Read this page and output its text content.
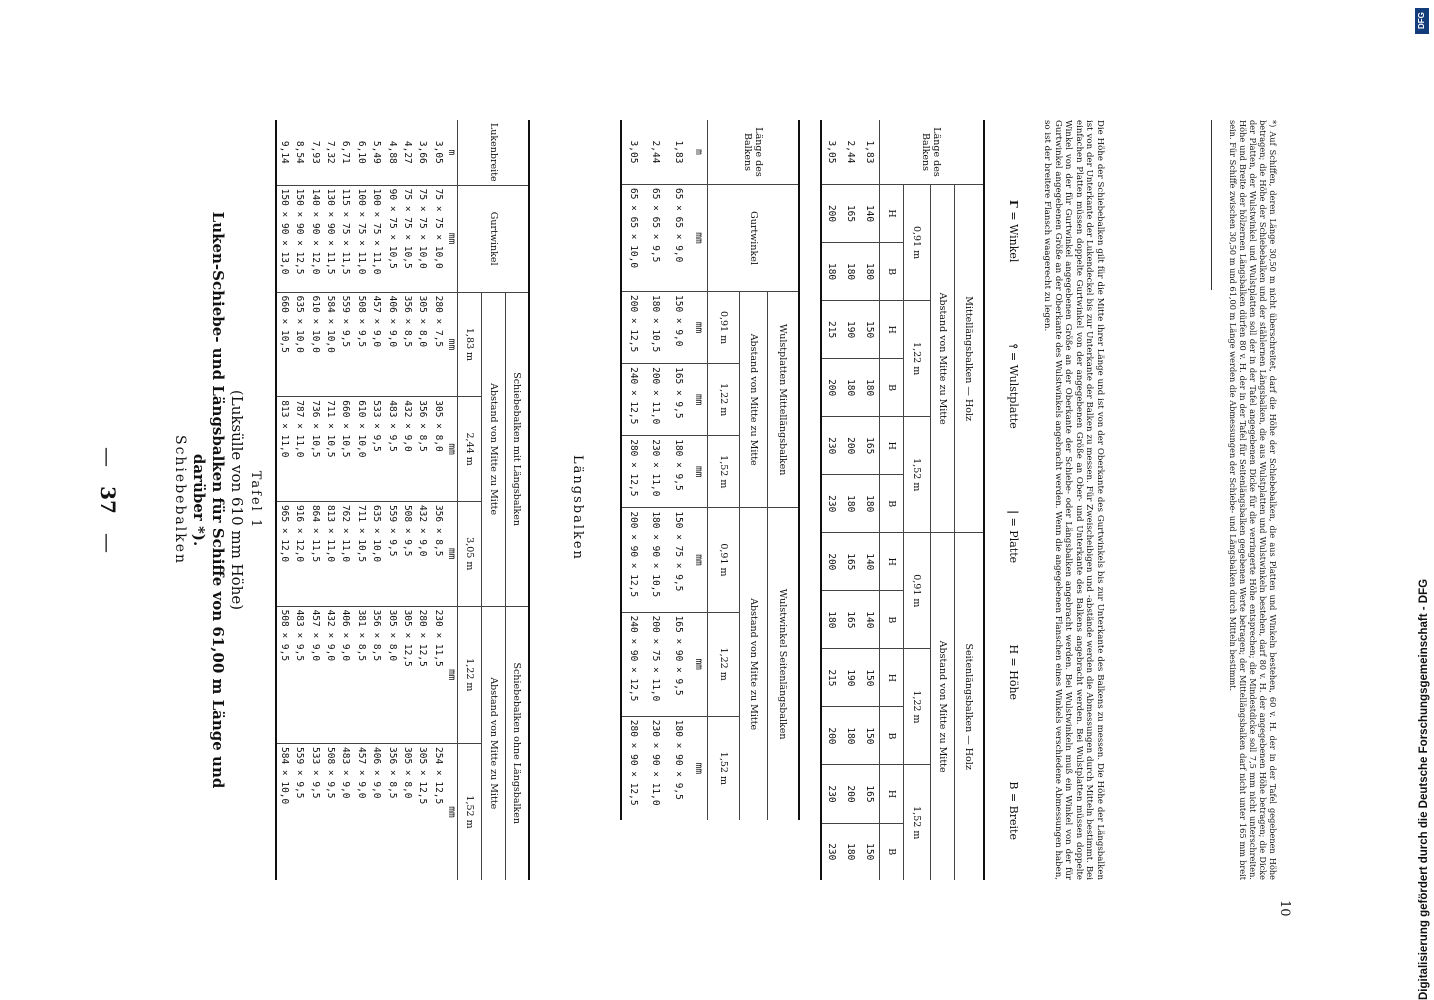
—   37   —
Tafel 1
(Luksülle von 610 mm Höhe)
Luken-Schiebe- und Längsbalken für Schiffe von 61,00 m Länge und darüber *).
Schiebebalken
Lukenbreite	Gurtwinkel	Schiebebalken mit Längsbalken			Schiebebalken ohne Längsbalken	
		Abstand von Mitte zu Mitte			Abstand von Mitte zu Mitte	
		1,83 m	2,44 m	3,05 m	1,22 m	1,52 m
m	mm	mm	mm	mm	mm	mm
3,05	75 × 75 × 10,0	280 × 7,5	305 × 8,0	356 × 8,5	230 × 11,5	254 × 12,5
3,66	75 × 75 × 10,0	305 × 8,0	356 × 8,5	432 × 9,0	280 × 12,5	305 × 12,5
4,27	75 × 75 × 10,5	356 × 8,5	432 × 9,0	508 × 9,5	305 × 12,5	305 × 8,0
4,88	90 × 75 × 10,5	406 × 9,0	483 × 9,5	559 × 9,5	305 × 8,0	356 × 8,5
5,49	100 × 75 × 11,0	457 × 9,0	533 × 9,5	635 × 10,0	356 × 8,5	406 × 9,0
6,10	100 × 75 × 11,0	508 × 9,5	610 × 10,0	711 × 10,5	381 × 8,5	457 × 9,0
6,71	115 × 75 × 11,5	559 × 9,5	660 × 10,5	762 × 11,0	406 × 9,0	483 × 9,0
7,32	130 × 90 × 11,5	584 × 10,0	711 × 10,5	813 × 11,0	432 × 9,0	508 × 9,5
7,93	140 × 90 × 12,0	610 × 10,0	736 × 10,5	864 × 11,5	457 × 9,0	533 × 9,5
8,54	150 × 90 × 12,5	635 × 10,0	787 × 11,0	916 × 12,0	483 × 9,5	559 × 9,5
9,14	150 × 90 × 13,0	660 × 10,5	813 × 11,0	965 × 12,0	508 × 9,5	584 × 10,0
Längsbalken
Länge des Balkens	Gurtwinkel	Wulstplatten Mittellängsbalken			Wulstwinkel Seitenlängsbalken		
		Abstand von Mitte zu Mitte			Abstand von Mitte zu Mitte		
		0,91 m	1,22 m	1,52 m	0,91 m	1,22 m	1,52 m
m	mm	mm	mm	mm	mm	mm	mm
1,83	65 × 65 × 9,0	150 × 9,0	165 × 9,5	180 × 9,5	150 × 75 × 9,5	165 × 90 × 9,5	180 × 90 × 9,5
2,44	65 × 65 × 9,5	180 × 10,5	200 × 11,0	230 × 11,0	180 × 90 × 10,5	200 × 75 × 11,0	230 × 90 × 11,0
3,05	65 × 65 × 10,0	200 × 12,5	240 × 12,5	280 × 12,5	200 × 90 × 12,5	240 × 90 × 12,5	280 × 90 × 12,5
Länge des Balkens	Mittellängsbalken — Holz						Seitenlängsbalken — Holz					
	Abstand von Mitte zu Mitte						Abstand von Mitte zu Mitte					
	0,91 m		1,22 m		1,52 m		0,91 m		1,22 m		1,52 m	
	H	B	H	B	H	B	H	B	H	B	H	B
1,83	140	180	150	180	165	180	140	140	150	150	165	150
2,44	165	180	190	180	200	180	165	165	190	180	200	180
3,05	200	180	215	200	230	230	200	180	215	200	230	230
Γ = Winkel
⫯ = Wulstplatte
| = Platte
H = Höhe
B = Breite	Die Höhe der Schiebebalken gilt für die Mitte ihrer Länge und ist von der Oberkante des Gurtwinkels bis zur Unterkante des Balkens zu messen. Die Höhe der Längsbalken ist von der Unterkante der Lukendeckel bis zur Unterkante der Balken zu messen. Für Zweischeibigen und -abstände werden die Abmessungen durch Mitteln bestimmt. Bei einfachen Platten müssen doppelte Gurtwinkel von der angegebenen Größe an Ober- und Unterkante des Balkens angebracht werden. Bei Wulstplatten müssen doppelte Winkel von der für Gurtwinkel angegebenen Größe an der Oberkante der Schiebe- oder Längsbalken angebracht werden. Bei Wulstwinkeln muß ein Winkel von der für Gurtwinkel angegebenen Größe an der Oberkante des Wulstwinkels angebracht werden. Wenn die angegebenen Flanschen eines Winkels verschiedene Abmessungen haben, so ist der breitere Flansch waagerecht zu legen.	*) Auf Schiffen, deren Länge 30,50 m nicht überschreitet, darf die Höhe der Schiebebalken, die aus Platten und Winkeln bestehen, 60 v. H. der in der Tafel gegebenen Höhe betragen; die Höhe der Schiebebalken und der stählernen Längsbalken, die aus Wulstplatten und Wulstwinkeln bestehen, darf 80 v. H. der angegebenen Höhe betragen; die Dicke der Platten, der Wulstwinkel und Wulstplatten soll der in der Tafel angegebenen Dicke für die verringerte Höhe entsprechen; die Mindestdicke soll 7,5 mm nicht unterschreiten. Höhe und Breite der hölzernen Längsbalken dürfen 80 v. H. der in der Tafel für Seitenlängsbalken gegebenen Werte betragen; der Mittellängsbalken darf nicht unter 165 mm breit sein. Für Schiffe zwischen 30,50 m und 61,00 m Länge werden die Abmessungen der Schiebe- und Längsbalken durch Mitteln bestimmt.
10	Digitalisierung gefördert durch die Deutsche Forschungsgemeinschaft - DFG
DFG
